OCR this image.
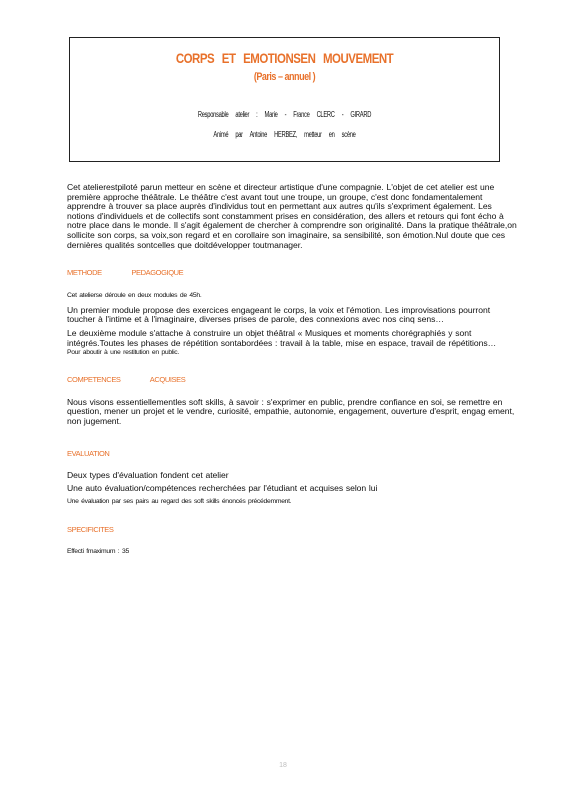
CORPS ET EMOTIONSEN MOUVEMENT
(Paris – annuel )
Responsable atelier : Marie - France CLERC - GIRARD
Animé par Antoine HERBEZ, metteur en scène

Cet atelierestpiloté parun metteur en scène et directeur artistique d'une compagnie. L'objet de cet atelier est une première approche théâtrale. Le théâtre c'est avant tout une troupe, un groupe, c'est donc fondamentalement apprendre à trouver sa place auprès d'individus tout en permettant aux autres qu'ils s'expriment également. Les notions d'individuels et de collectifs sont constamment prises en considération, des allers et retours qui font écho à notre place dans le monde. Il s'agit également de chercher à comprendre son originalité. Dans la pratique théâtrale,on sollicite son corps, sa voix,son regard et en corollaire son imaginaire, sa sensibilité, son émotion.Nul doute que ces dernières qualités sontcelles que doitdévelopper toutmanager.

METHODE PEDAGOGIQUE

Cet atelierse déroule en deux modules de 45h.

Un premier module propose des exercices engageant le corps, la voix et l'émotion. Les improvisations pourront toucher à l'intime et à l'imaginaire, diverses prises de parole, des connexions avec nos cinq sens…

Le deuxième module s'attache à construire un objet théâtral « Musiques et moments chorégraphiés y sont intégrés.Toutes les phases de répétition sontabordées : travail à la table, mise en espace, travail de répétitions…

Pour aboutir à une restitution en public.

COMPETENCES ACQUISES

Nous visons essentiellementles soft skills, à savoir : s'exprimer en public, prendre confiance en soi, se remettre en question, mener un projet et le vendre, curiosité, empathie, autonomie, engagement, ouverture d'esprit, engag ement, non jugement.

EVALUATION

Deux types d'évaluation fondent cet atelier

Une auto évaluation/compétences recherchées par l'étudiant et acquises selon lui

Une évaluation par ses pairs au regard des soft skills énoncés précédemment.

SPECIFICITES

Effecti fmaximum : 35

18
